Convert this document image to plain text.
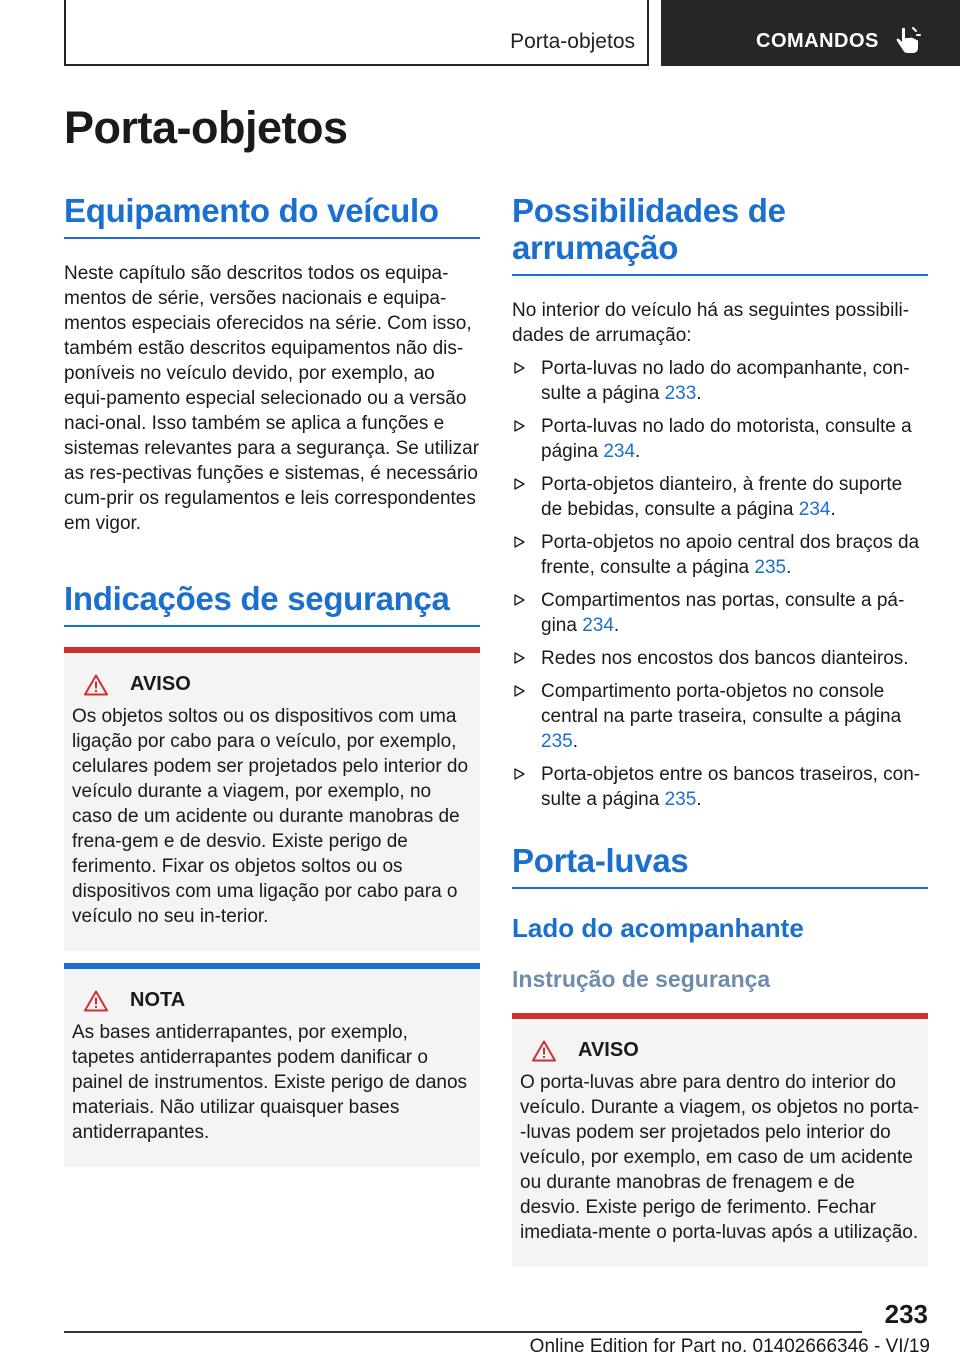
Porta-objetos	COMANDOS
Porta-objetos
Equipamento do veículo

Neste capítulo são descritos todos os equipa-mentos de série, versões nacionais e equipa-mentos especiais oferecidos na série. Com isso, também estão descritos equipamentos não dis-poníveis no veículo devido, por exemplo, ao equi-pamento especial selecionado ou a versão naci-onal. Isso também se aplica a funções e sistemas relevantes para a segurança. Se utilizar as res-pectivas funções e sistemas, é necessário cum-prir os regulamentos e leis correspondentes em vigor.

Indicações de segurança
AVISO

Os objetos soltos ou os dispositivos com uma ligação por cabo para o veículo, por exemplo, celulares podem ser projetados pelo interior do veículo durante a viagem, por exemplo, no caso de um acidente ou durante manobras de frena-gem e de desvio. Existe perigo de ferimento. Fixar os objetos soltos ou os dispositivos com uma ligação por cabo para o veículo no seu in-terior.

NOTA

As bases antiderrapantes, por exemplo, tapetes antiderrapantes podem danificar o painel de instrumentos. Existe perigo de danos materiais. Não utilizar quaisquer bases antiderrapantes.

Possibilidades de arrumação

No interior do veículo há as seguintes possibili-dades de arrumação:

Porta-luvas no lado do acompanhante, con-sulte a página 233.
Porta-luvas no lado do motorista, consulte a página 234.
Porta-objetos dianteiro, à frente do suporte de bebidas, consulte a página 234.
Porta-objetos no apoio central dos braços da frente, consulte a página 235.
Compartimentos nas portas, consulte a pá-gina 234.
Redes nos encostos dos bancos dianteiros.
Compartimento porta-objetos no console central na parte traseira, consulte a página 235.
Porta-objetos entre os bancos traseiros, con-sulte a página 235.
Porta-luvas
Lado do acompanhante
Instrução de segurança
AVISO

O porta-luvas abre para dentro do interior do veículo. Durante a viagem, os objetos no porta--luvas podem ser projetados pelo interior do veículo, por exemplo, em caso de um acidente ou durante manobras de frenagem e de desvio. Existe perigo de ferimento. Fechar imediata-mente o porta-luvas após a utilização.

233
Online Edition for Part no. 01402666346 - VI/19
